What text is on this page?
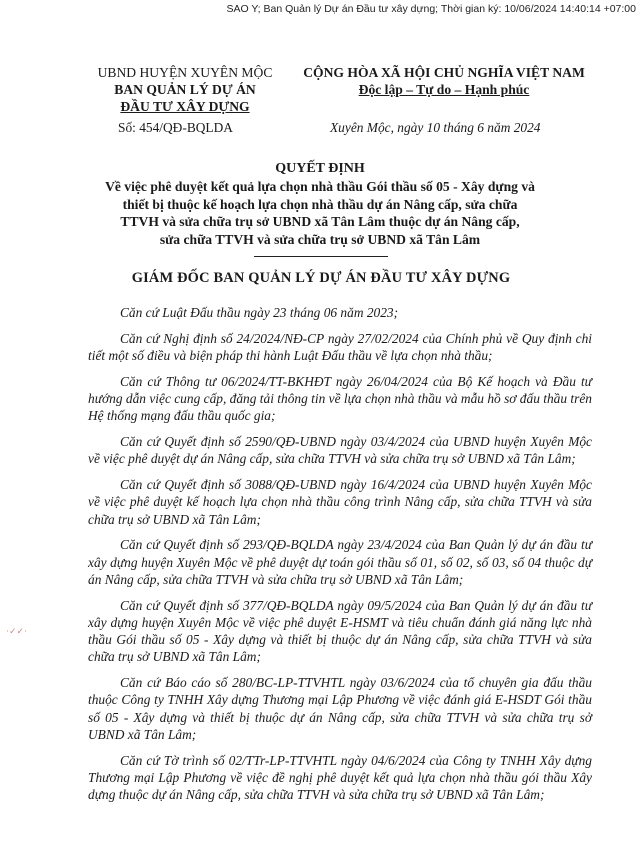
SAO Y; Ban Quản lý Dự án Đầu tư xây dựng; Thời gian ký: 10/06/2024 14:40:14 +07:00
UBND HUYỆN XUYÊN MỘC
BAN QUẢN LÝ DỰ ÁN
ĐẦU TƯ XÂY DỰNG
CỘNG HÒA XÃ HỘI CHỦ NGHĨA VIỆT NAM
Độc lập – Tự do – Hạnh phúc
Số: 454/QĐ-BQLDA	Xuyên Mộc, ngày 10 tháng 6 năm 2024
QUYẾT ĐỊNH
Về việc phê duyệt kết quả lựa chọn nhà thầu Gói thầu số 05 - Xây dựng và
thiết bị thuộc kế hoạch lựa chọn nhà thầu dự án Nâng cấp, sửa chữa
TTVH và sửa chữa trụ sở UBND xã Tân Lâm thuộc dự án Nâng cấp,
sửa chữa TTVH và sửa chữa trụ sở UBND xã Tân Lâm
GIÁM ĐỐC BAN QUẢN LÝ DỰ ÁN ĐẦU TƯ XÂY DỰNG

Căn cứ Luật Đấu thầu ngày 23 tháng 06 năm 2023;

Căn cứ Nghị định số 24/2024/NĐ-CP ngày 27/02/2024 của Chính phủ về Quy định chi tiết một số điều và biện pháp thi hành Luật Đấu thầu về lựa chọn nhà thầu;

Căn cứ Thông tư 06/2024/TT-BKHĐT ngày 26/04/2024 của Bộ Kế hoạch và Đầu tư hướng dẫn việc cung cấp, đăng tải thông tin về lựa chọn nhà thầu và mẫu hồ sơ đấu thầu trên Hệ thống mạng đấu thầu quốc gia;

Căn cứ Quyết định số 2590/QĐ-UBND ngày 03/4/2024 của UBND huyện Xuyên Mộc về việc phê duyệt dự án Nâng cấp, sửa chữa TTVH và sửa chữa trụ sở UBND xã Tân Lâm;

Căn cứ Quyết định số 3088/QĐ-UBND ngày 16/4/2024 của UBND huyện Xuyên Mộc về việc phê duyệt kế hoạch lựa chọn nhà thầu công trình Nâng cấp, sửa chữa TTVH và sửa chữa trụ sở UBND xã Tân Lâm;

Căn cứ Quyết định số 293/QĐ-BQLDA ngày 23/4/2024 của Ban Quản lý dự án đầu tư xây dựng huyện Xuyên Mộc về phê duyệt dự toán gói thầu số 01, số 02, số 03, số 04 thuộc dự án Nâng cấp, sửa chữa TTVH và sửa chữa trụ sở UBND xã Tân Lâm;

Căn cứ Quyết định số 377/QĐ-BQLDA ngày 09/5/2024 của Ban Quản lý dự án đầu tư xây dựng huyện Xuyên Mộc về việc phê duyệt E-HSMT và tiêu chuẩn đánh giá năng lực nhà thầu Gói thầu số 05 - Xây dựng và thiết bị thuộc dự án Nâng cấp, sửa chữa TTVH và sửa chữa trụ sở UBND xã Tân Lâm;

Căn cứ Báo cáo số 280/BC-LP-TTVHTL ngày 03/6/2024 của tổ chuyên gia đấu thầu thuộc Công ty TNHH Xây dựng Thương mại Lập Phương về việc đánh giá E-HSDT Gói thầu số 05 - Xây dựng và thiết bị thuộc dự án Nâng cấp, sửa chữa TTVH và sửa chữa trụ sở UBND xã Tân Lâm;

Căn cứ Tờ trình số 02/TTr-LP-TTVHTL ngày 04/6/2024 của Công ty TNHH Xây dựng Thương mại Lập Phương về việc đề nghị phê duyệt kết quả lựa chọn nhà thầu gói thầu Xây dựng thuộc dự án Nâng cấp, sửa chữa TTVH và sửa chữa trụ sở UBND xã Tân Lâm;

·✓✓·
